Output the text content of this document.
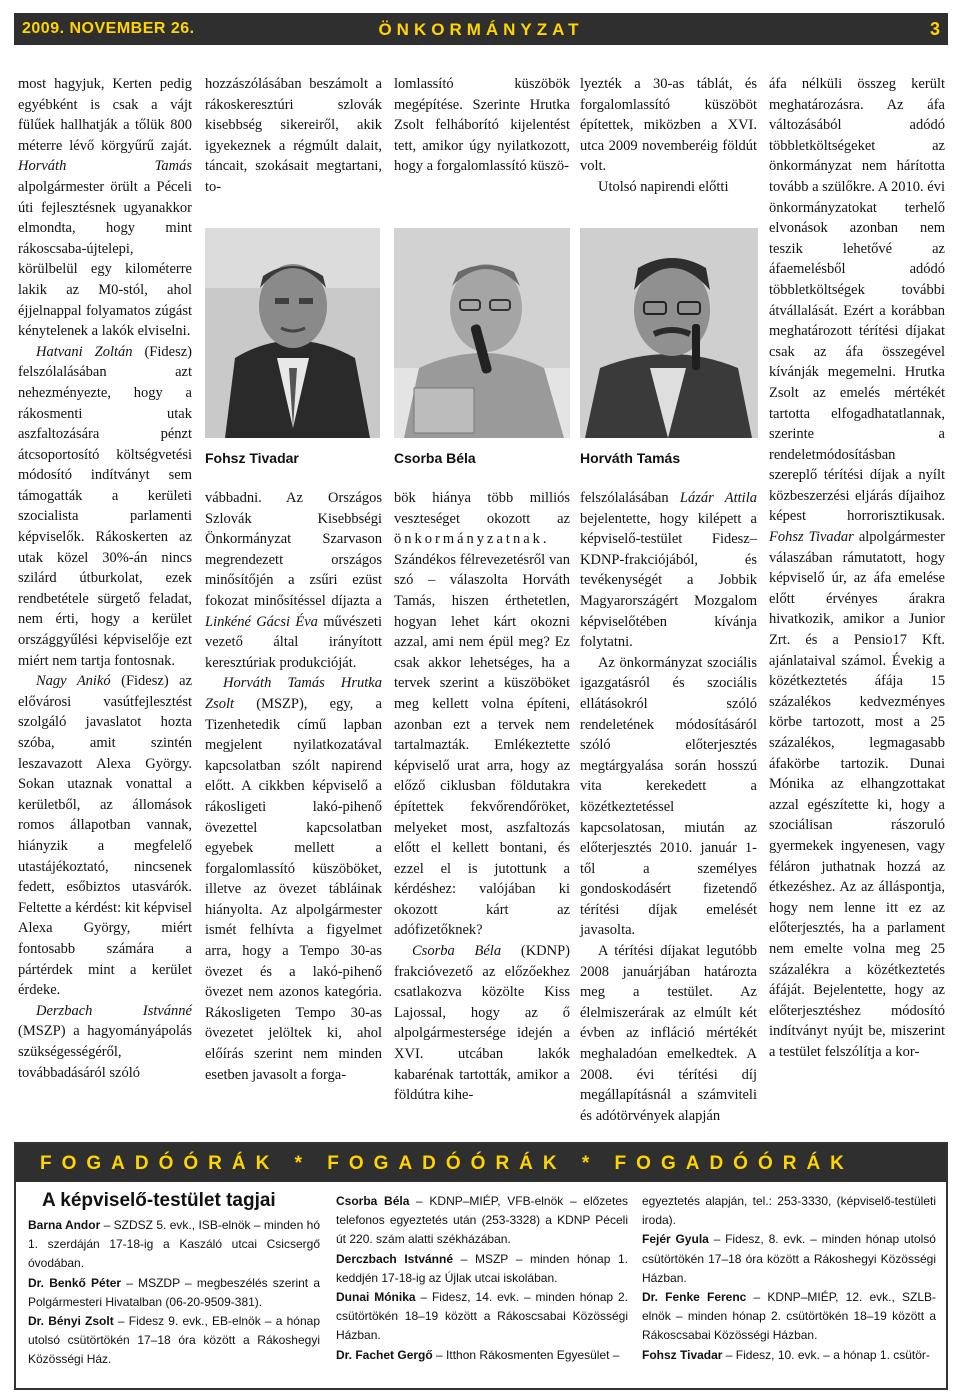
2009. NOVEMBER 26.	ÖNKORMÁNYZAT	3

most hagyjuk, Kerten pedig egyébként is csak a vájt fülűek hallhatják a tőlük 800 méterre lévő körgyűrű zaját. Horváth Tamás alpolgármester örült a Péceli úti fejlesztésnek ugyanakkor elmondta, hogy mint rákoscsaba-újtelepi, körülbelül egy kilométerre lakik az M0-stól, ahol éjjelnappal folyamatos zúgást kénytelenek a lakók elviselni.

Hatvani Zoltán (Fidesz) felszólalásában azt nehezményezte, hogy a rákosmenti utak aszfaltozására pénzt átcsoportosító költségvetési módosító indítványt sem támogatták a kerületi szocialista parlamenti képviselők. Rákoskerten az utak közel 30%-án nincs szilárd útburkolat, ezek rendbetétele sürgető feladat, nem érti, hogy a kerület országgyűlési képviselője ezt miért nem tartja fontosnak.

Nagy Anikó (Fidesz) az elővárosi vasútfejlesztést szolgáló javaslatot hozta szóba, amit szintén leszavazott Alexa György. Sokan utaznak vonattal a kerületből, az állomások romos állapotban vannak, hiányzik a megfelelő utastájékoztató, nincsenek fedett, esőbiztos utasvárók. Feltette a kérdést: kit képvisel Alexa György, miért fontosabb számára a pártérdek mint a kerület érdeke.

Derzbach Istvánné (MSZP) a hagyományápolás szükségességéről, továbbadásáról szóló

hozzászólásában beszámolt a rákoskeresztúri szlovák kisebbség sikereiről, akik igyekeznek a régmúlt dalait, táncait, szokásait megtartani, to-

lomlassító küszöbök megépítése. Szerinte Hrutka Zsolt felháborító kijelentést tett, amikor úgy nyilatkozott, hogy a forgalomlassító küszö-

lyezték a 30-as táblát, és forgalomlassító küszöböt építettek, miközben a XVI. utca 2009 novemberéig földút volt.

Utolsó napirendi előtti

Fohsz Tivadar	Csorba Béla	Horváth Tamás

vábbadni. Az Országos Szlovák Kisebbségi Önkormányzat Szarvason megrendezett országos minősítőjén a zsűri ezüst fokozat minősítéssel díjazta a Linkéné Gácsi Éva művészeti vezető által irányított keresztúriak produkcióját.

Horváth Tamás Hrutka Zsolt (MSZP), egy, a Tizenhetedik című lapban megjelent nyilatkozatával kapcsolatban szólt napirend előtt. A cikkben képviselő a rákosligeti lakó-pihenő övezettel kapcsolatban egyebek mellett a forgalomlassító küszöböket, illetve az övezet tábláinak hiányolta. Az alpolgármester ismét felhívta a figyelmet arra, hogy a Tempo 30-as övezet és a lakó-pihenő övezet nem azonos kategória. Rákosligeten Tempo 30-as övezetet jelöltek ki, ahol előírás szerint nem minden esetben javasolt a forga-

bök hiánya több milliós veszteséget okozott az önkormányzatnak. Szándékos félrevezetésről van szó – válaszolta Horváth Tamás, hiszen érthetetlen, hogyan lehet kárt okozni azzal, ami nem épül meg? Ez csak akkor lehetséges, ha a tervek szerint a küszöböket meg kellett volna építeni, azonban ezt a tervek nem tartalmazták. Emlékeztette képviselő urat arra, hogy az előző ciklusban földutakra építettek fekvőrendőröket, melyeket most, aszfaltozás előtt el kellett bontani, és ezzel el is jutottunk a kérdéshez: valójában ki okozott kárt az adófizetőknek?

Csorba Béla (KDNP) frakcióvezető az előzőekhez csatlakozva közölte Kiss Lajossal, hogy az ő alpolgármestersége idején a XVI. utcában lakók kabarénak tartották, amikor a földútra kihe-

felszólalásában Lázár Attila bejelentette, hogy kilépett a képviselő-testület Fidesz–KDNP-frakciójából, és tevékenységét a Jobbik Magyarországért Mozgalom képviselőtében kívánja folytatni.

Az önkormányzat szociális igazgatásról és szociális ellátásokról szóló rendeletének módosításáról szóló előterjesztés megtárgyalása során hosszú vita kerekedett a közétkeztetéssel kapcsolatosan, miután az előterjesztés 2010. január 1-től a személyes gondoskodásért fizetendő térítési díjak emelését javasolta.

A térítési díjakat legutóbb 2008 januárjában határozta meg a testület. Az élelmiszerárak az elmúlt két évben az infláció mértékét meghaladóan emelkedtek. A 2008. évi térítési díj megállapításnál a számviteli és adótörvények alapján

áfa nélküli összeg került meghatározásra. Az áfa változásából adódó többletköltségeket az önkormányzat nem hárította tovább a szülőkre. A 2010. évi önkormányzatokat terhelő elvonások azonban nem teszik lehetővé az áfaemelésből adódó többletköltségek további átvállalását. Ezért a korábban meghatározott térítési díjakat csak az áfa összegével kívánják megemelni. Hrutka Zsolt az emelés mértékét tartotta elfogadhatatlannak, szerinte a rendeletmódosításban szereplő térítési díjak a nyílt közbeszerzési eljárás díjaihoz képest horrorisztikusak. Fohsz Tivadar alpolgármester válaszában rámutatott, hogy képviselő úr, az áfa emelése előtt érvényes árakra hivatkozik, amikor a Junior Zrt. és a Pensio17 Kft. ajánlataival számol. Évekig a közétkeztetés áfája 15 százalékos kedvezményes körbe tartozott, most a 25 százalékos, legmagasabb áfakörbe tartozik. Dunai Mónika az elhangzottakat azzal egészítette ki, hogy a szociálisan rászoruló gyermekek ingyenesen, vagy féláron juthatnak hozzá az étkezéshez. Az az álláspontja, hogy nem lenne itt ez az előterjesztés, ha a parlament nem emelte volna meg 25 százalékra a közétkeztetés áfáját. Bejelentette, hogy az előterjesztéshez módosító indítványt nyújt be, miszerint a testület felszólítja a kor-

FOGADÓÓRÁK * FOGADÓÓRÁK * FOGADÓÓRÁK
A képviselő-testület tagjai
Barna Andor – SZDSZ 5. evk., ISB-elnök – minden hó 1. szerdáján 17-18-ig a Kaszáló utcai Csicsergő óvodában.
Dr. Benkő Péter – MSZDP – megbeszélés szerint a Polgármesteri Hivatalban (06-20-9509-381).
Dr. Bényi Zsolt – Fidesz 9. evk., EB-elnök – a hónap utolsó csütörtökén 17–18 óra között a Rákoshegyi Közösségi Ház.
Csorba Béla – KDNP–MIÉP, VFB-elnök – előzetes telefonos egyeztetés után (253-3328) a KDNP Péceli út 220. szám alatti székházában.
Derczbach Istvánné – MSZP – minden hónap 1. keddjén 17-18-ig az Újlak utcai iskolában.
Dunai Mónika – Fidesz, 14. evk. – minden hónap 2. csütörtökén 18–19 között a Rákoscsabai Közösségi Házban.
Dr. Fachet Gergő – Itthon Rákosmenten Egyesület –
egyeztetés alapján, tel.: 253-3330, (képviselő-testületi iroda).
Fejér Gyula – Fidesz, 8. evk. – minden hónap utolsó csütörtökén 17–18 óra között a Rákoshegyi Közösségi Házban.
Dr. Fenke Ferenc – KDNP–MIÉP, 12. evk., SZLB-elnök – minden hónap 2. csütörtökén 18–19 között a Rákoscsabai Közösségi Házban.
Fohsz Tivadar – Fidesz, 10. evk. – a hónap 1. csütör-
